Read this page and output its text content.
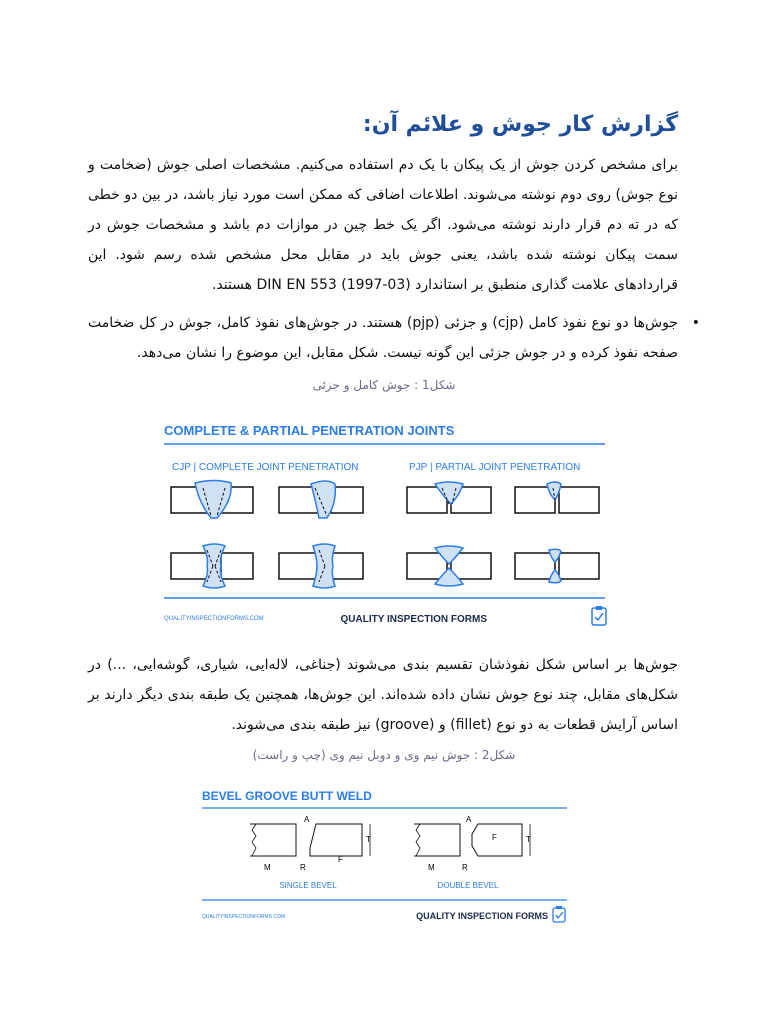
گزارش کار جوش و علائم آن:
برای مشخص کردن جوش از یک پیکان با یک دم استفاده می‌کنیم. مشخصات اصلی جوش (ضخامت و نوع جوش) روی دوم نوشته می‌شوند. اطلاعات اضافی که ممکن است مورد نیاز باشد، در بین دو خطی که در ته دم قرار دارند نوشته می‌شود. اگر یک خط چین در موازات دم باشد و مشخصات جوش در سمت پیکان نوشته شده باشد، یعنی جوش باید در مقابل محل مشخص شده رسم شود. این قراردادهای علامت گذاری منطبق بر استاندارد DIN EN 553 (1997-03) هستند.
•
جوش‌ها دو نوع نفوذ کامل (cjp) و جزئی (pjp) هستند. در جوش‌های نفوذ کامل، جوش در کل ضخامت صفحه نفوذ کرده و در جوش جزئی این گونه نیست. شکل مقابل، این موضوع را نشان می‌دهد.
شکل1 : جوش کامل و جزئی
COMPLETE & PARTIAL PENETRATION JOINTS
CJP | COMPLETE JOINT PENETRATION	PJP | PARTIAL JOINT PENETRATION
QUALITYINSPECTIONFORMS.COM	QUALITY INSPECTION FORMS
جوش‌ها بر اساس شکل نفوذشان تقسیم بندی می‌شوند (جناغی، لاله‌ایی، شیاری، گوشه‌ایی، ...) در شکل‌های مقابل، چند نوع جوش نشان داده شده‌اند. این جوش‌ها، همچنین یک طبقه بندی دیگر دارند بر اساس آرایش قطعات به دو نوع (fillet) و (groove) نیز طبقه بندی می‌شوند.
شکل2 : جوش نیم وی و دوبل نیم وی (چپ و راست)
BEVEL GROOVE BUTT WELD
A
T
M	R
F
SINGLE BEVEL
A
T
F
M	R
DOUBLE BEVEL
QUALITYINSPECTIONFORMS.COM	QUALITY INSPECTION FORMS
